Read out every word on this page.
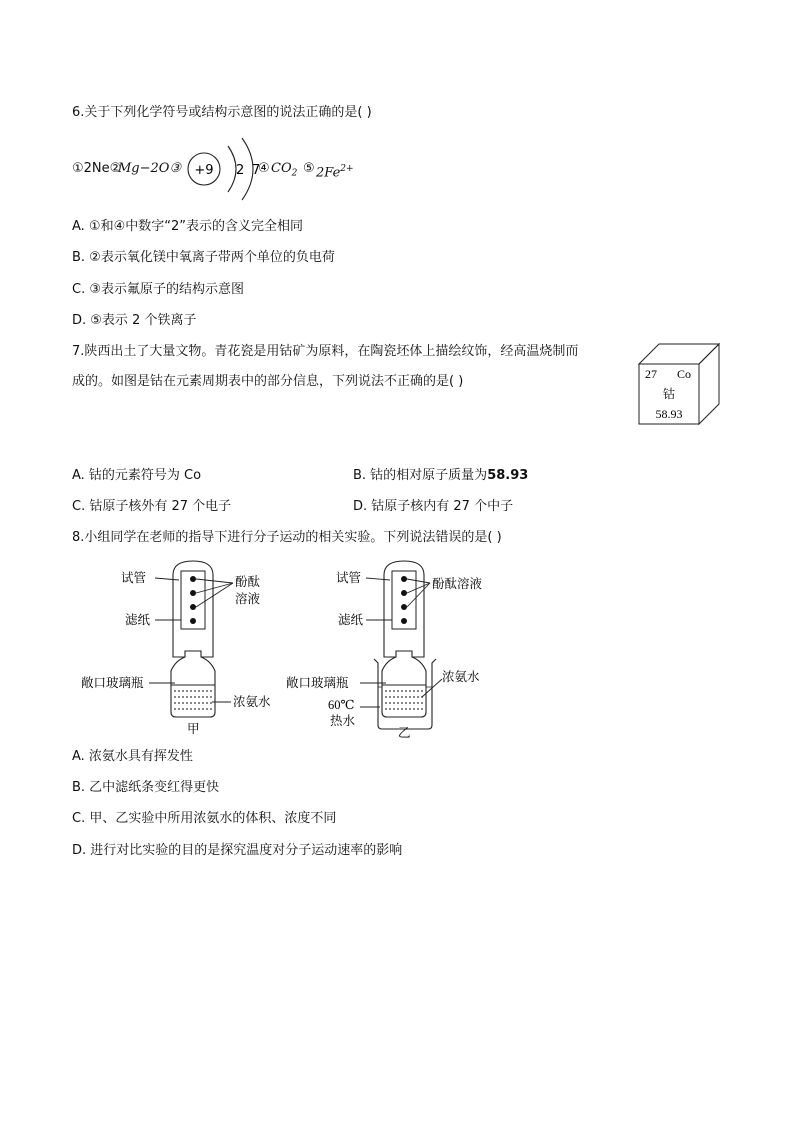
6.关于下列化学符号或结构示意图的说法正确的是( )
①2Ne②
Mg−2O③ +9 2 7
④ $CO_2$ ⑤ $2Fe^{2+}$
A. ①和④中数字“2”表示的含义完全相同
B. ②表示氧化镁中氧离子带两个单位的负电荷
C. ③表示氟原子的结构示意图
D. ⑤表示 2 个铁离子
7.陕西出土了大量文物。青花瓷是用钴矿为原料，在陶瓷坯体上描绘纹饰，经高温烧制而
成的。如图是钴在元素周期表中的部分信息，下列说法不正确的是( )	27 Co
钴
58.93
A. 钴的元素符号为 Co	B. 钴的相对原子质量为58.93
C. 钴原子核外有 27 个电子	D. 钴原子核内有 27 个中子
8.小组同学在老师的指导下进行分子运动的相关实验。下列说法错误的是( )
试管	酚酞
溶液
滤纸
敞口玻璃瓶
浓氨水
甲
试管	酚酞溶液
滤纸
敞口玻璃瓶	浓氨水
60℃
热水
乙
A. 浓氨水具有挥发性
B. 乙中滤纸条变红得更快
C. 甲、乙实验中所用浓氨水的体积、浓度不同
D. 进行对比实验的目的是探究温度对分子运动速率的影响
